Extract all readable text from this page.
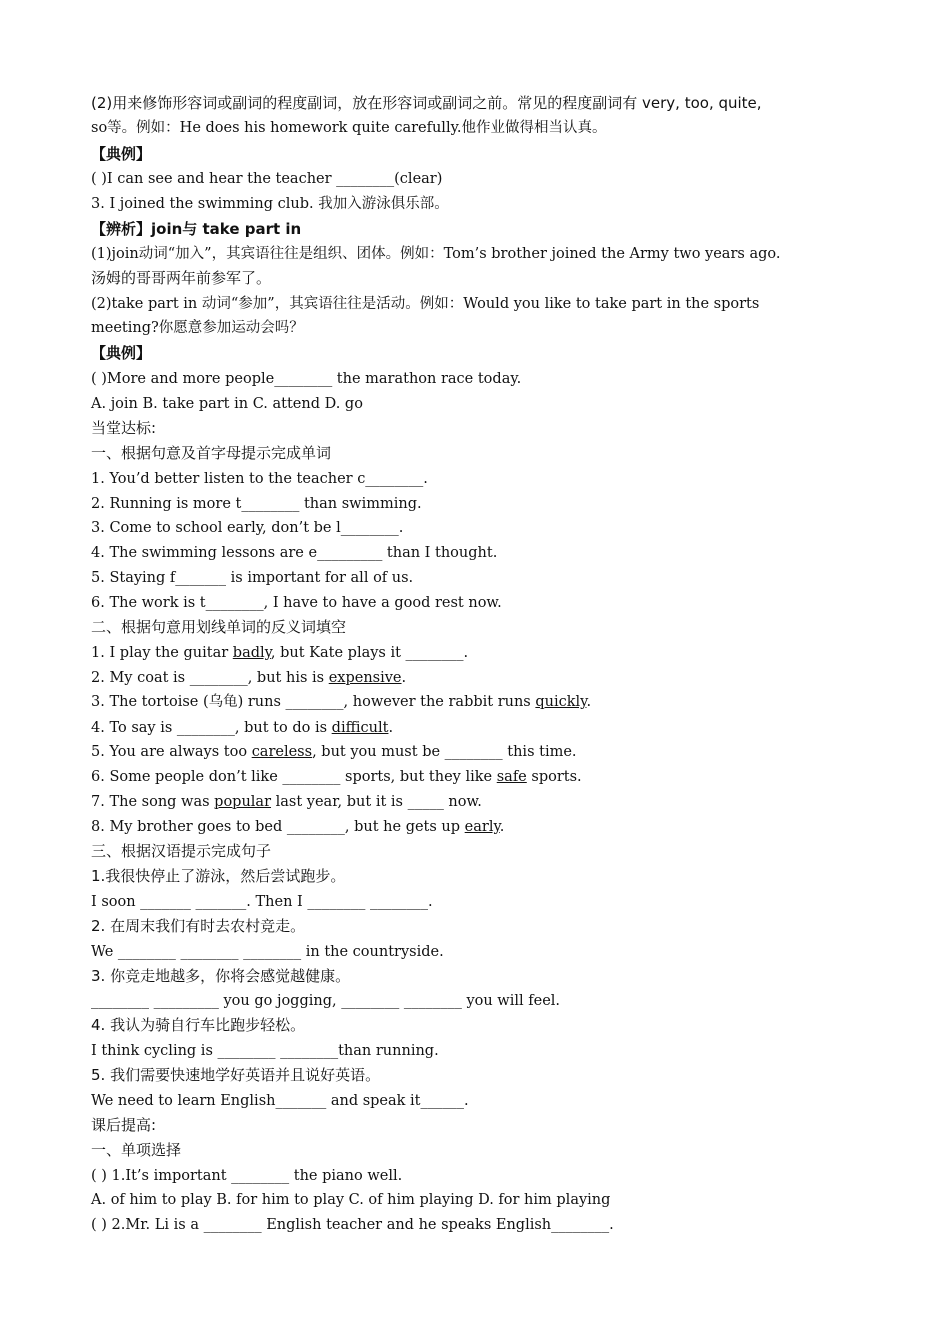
(2)用来修饰形容词或副词的程度副词，放在形容词或副词之前。常见的程度副词有 very, too, quite,
so等。例如：He does his homework quite carefully.他作业做得相当认真。
【典例】
( )I can see and hear the teacher ________(clear)
3. I joined the swimming club. 我加入游泳俱乐部。
【辨析】join与 take part in
(1)join动词“加入”，其宾语往往是组织、团体。例如：Tom’s brother joined the Army two years ago.
汤姆的哥哥两年前参军了。
(2)take part in 动词“参加”，其宾语往往是活动。例如：Would you like to take part in the sports
meeting?你愿意参加运动会吗？
【典例】
( )More and more people________ the marathon race today.
A. join B. take part in C. attend D. go
当堂达标:
一、根据句意及首字母提示完成单词
1. You’d better listen to the teacher c________.
2. Running is more t________ than swimming.
3. Come to school early, don’t be l________.
4. The swimming lessons are e_________ than I thought.
5. Staying f_______ is important for all of us.
6. The work is t________, I have to have a good rest now.
二、根据句意用划线单词的反义词填空
1. I play the guitar badly, but Kate plays it ________.
2. My coat is ________, but his is expensive.
3. The tortoise (乌龟) runs ________, however the rabbit runs quickly.
4. To say is ________, but to do is difficult.
5. You are always too careless, but you must be ________ this time.
6. Some people don’t like ________ sports, but they like safe sports.
7. The song was popular last year, but it is _____ now.
8. My brother goes to bed ________, but he gets up early.
三、根据汉语提示完成句子
1.我很快停止了游泳，然后尝试跑步。
I soon _______ _______. Then I ________ ________.
2. 在周末我们有时去农村竞走。
We ________ ________ ________ in the countryside.
3. 你竞走地越多，你将会感觉越健康。
________ _________ you go jogging, ________ ________ you will feel.
4. 我认为骑自行车比跑步轻松。
I think cycling is ________ ________than running.
5. 我们需要快速地学好英语并且说好英语。
We need to learn English_______ and speak it______.
课后提高:
一、单项选择
( ) 1.It’s important ________ the piano well.
A. of him to play B. for him to play C. of him playing D. for him playing
( ) 2.Mr. Li is a ________ English teacher and he speaks English________.
